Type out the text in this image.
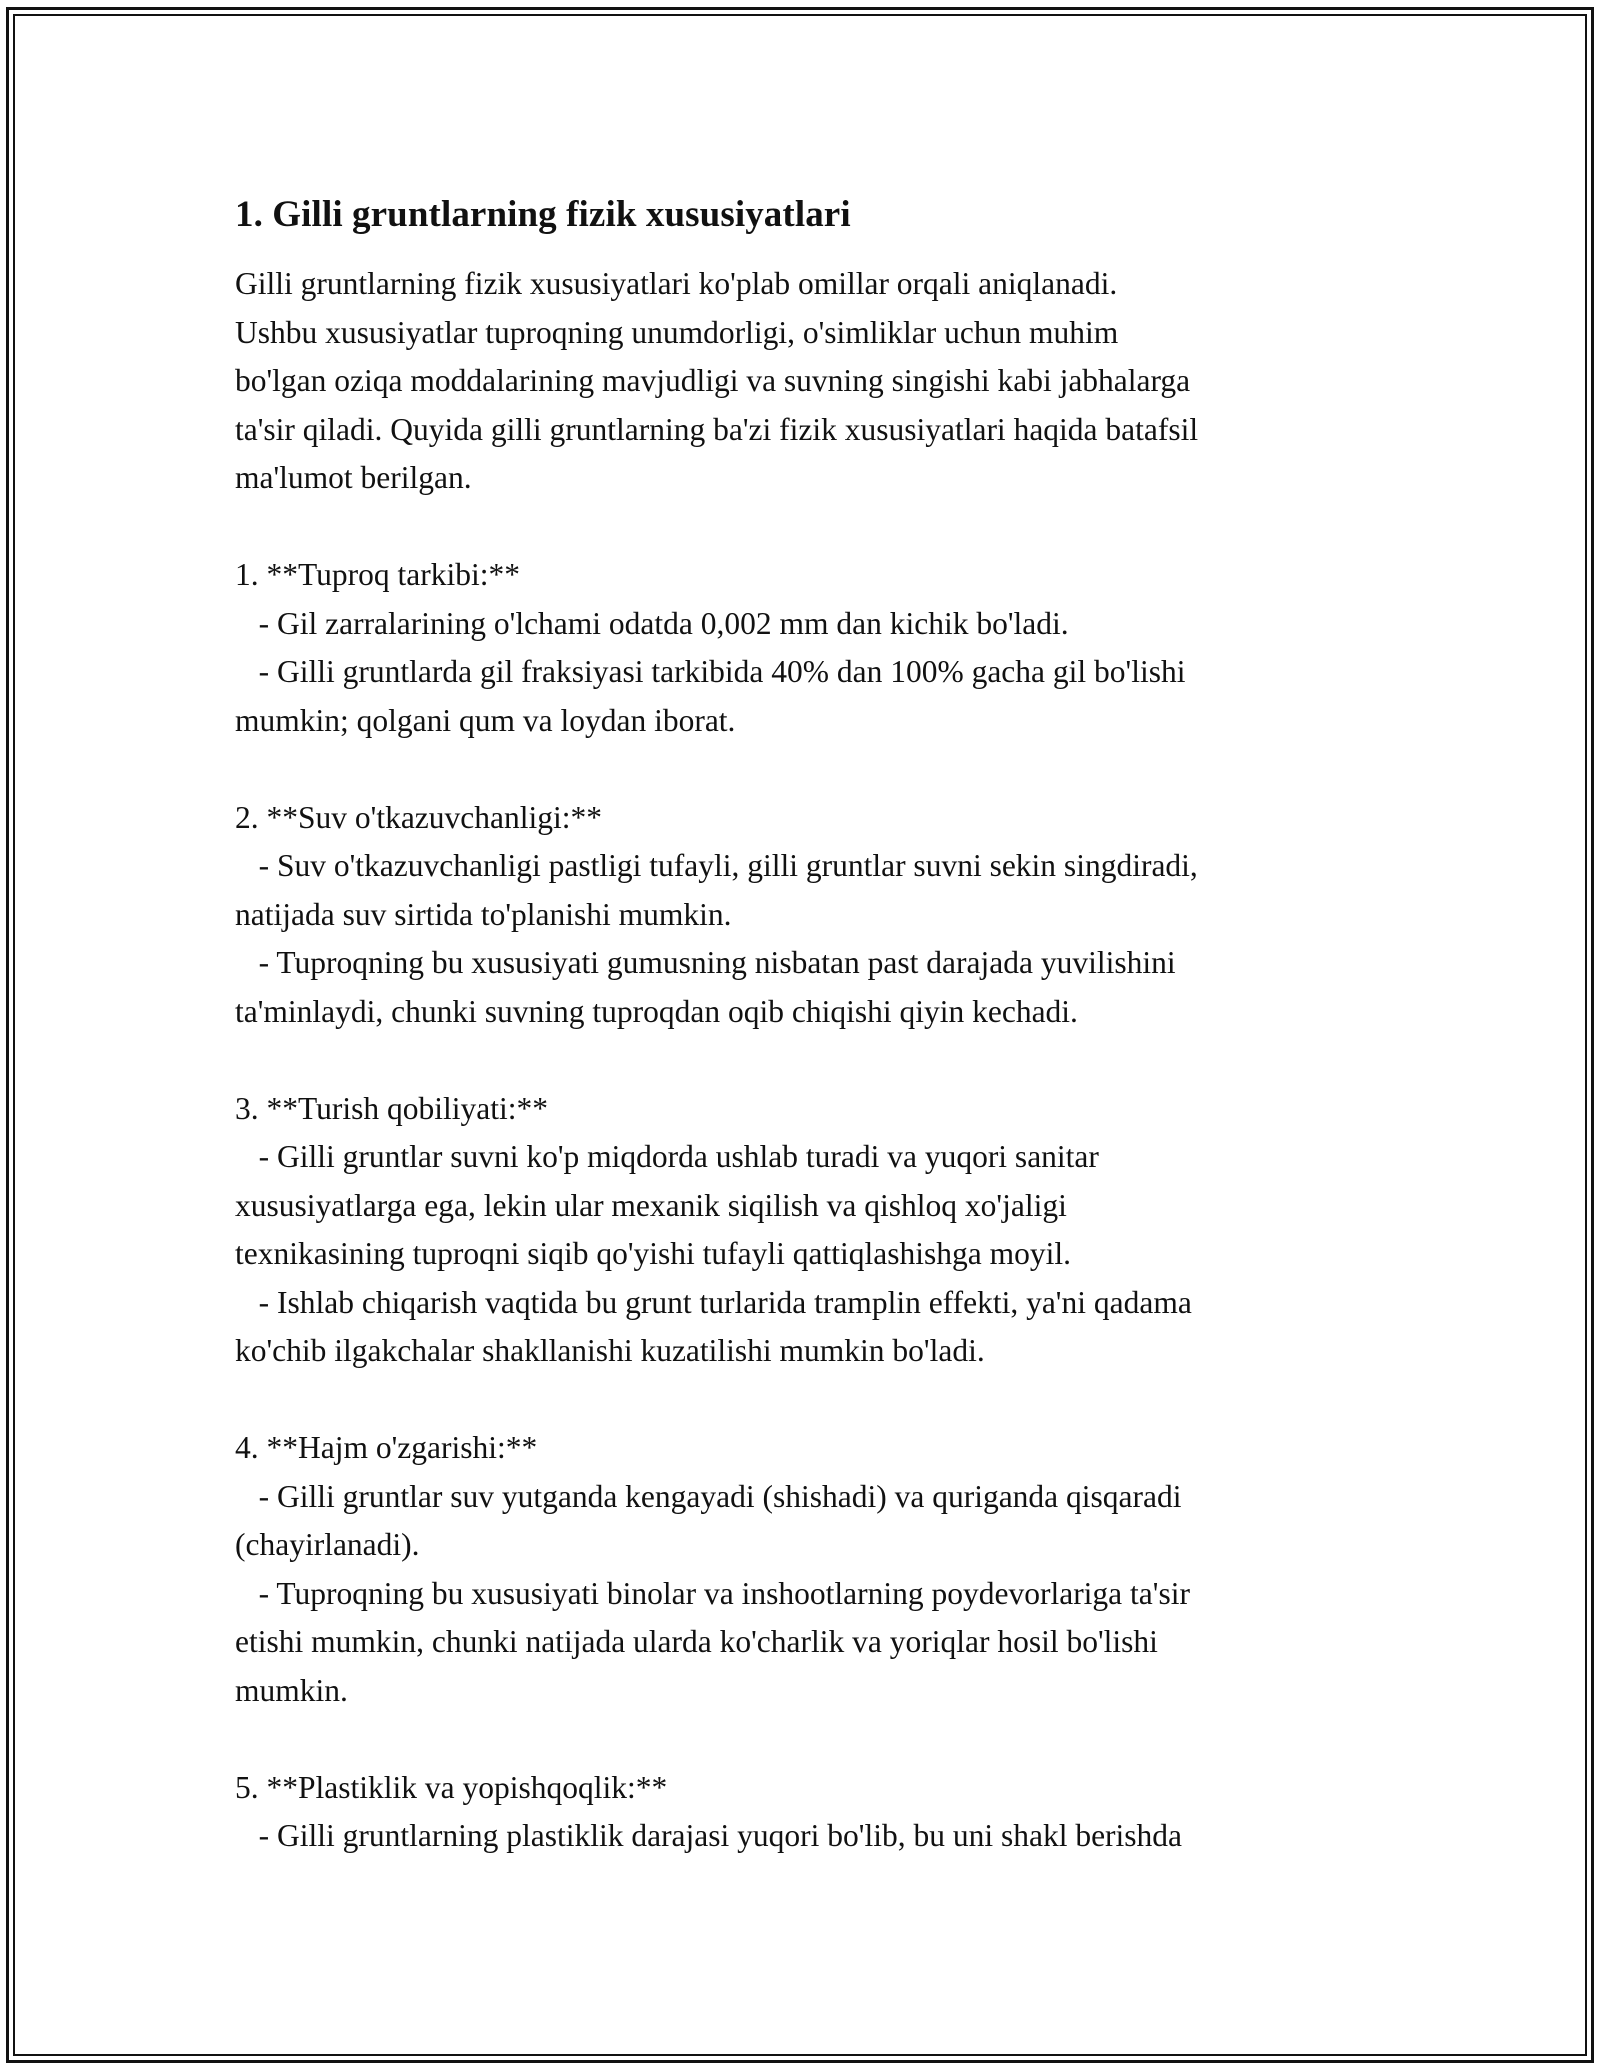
1. Gilli gruntlarning fizik xususiyatlari

Gilli gruntlarning fizik xususiyatlari ko'plab omillar orqali aniqlanadi.
Ushbu xususiyatlar tuproqning unumdorligi, o'simliklar uchun muhim
bo'lgan oziqa moddalarining mavjudligi va suvning singishi kabi jabhalarga
ta'sir qiladi. Quyida gilli gruntlarning ba'zi fizik xususiyatlari haqida batafsil
ma'lumot berilgan.

1. **Tuproq tarkibi:**
- Gil zarralarining o'lchami odatda 0,002 mm dan kichik bo'ladi.
- Gilli gruntlarda gil fraksiyasi tarkibida 40% dan 100% gacha gil bo'lishi
mumkin; qolgani qum va loydan iborat.

2. **Suv o'tkazuvchanligi:**
- Suv o'tkazuvchanligi pastligi tufayli, gilli gruntlar suvni sekin singdiradi,
natijada suv sirtida to'planishi mumkin.
- Tuproqning bu xususiyati gumusning nisbatan past darajada yuvilishini
ta'minlaydi, chunki suvning tuproqdan oqib chiqishi qiyin kechadi.

3. **Turish qobiliyati:**
- Gilli gruntlar suvni ko'p miqdorda ushlab turadi va yuqori sanitar
xususiyatlarga ega, lekin ular mexanik siqilish va qishloq xo'jaligi
texnikasining tuproqni siqib qo'yishi tufayli qattiqlashishga moyil.
- Ishlab chiqarish vaqtida bu grunt turlarida tramplin effekti, ya'ni qadama
ko'chib ilgakchalar shakllanishi kuzatilishi mumkin bo'ladi.

4. **Hajm o'zgarishi:**
- Gilli gruntlar suv yutganda kengayadi (shishadi) va quriganda qisqaradi
(chayirlanadi).
- Tuproqning bu xususiyati binolar va inshootlarning poydevorlariga ta'sir
etishi mumkin, chunki natijada ularda ko'charlik va yoriqlar hosil bo'lishi
mumkin.

5. **Plastiklik va yopishqoqlik:**
- Gilli gruntlarning plastiklik darajasi yuqori bo'lib, bu uni shakl berishda
